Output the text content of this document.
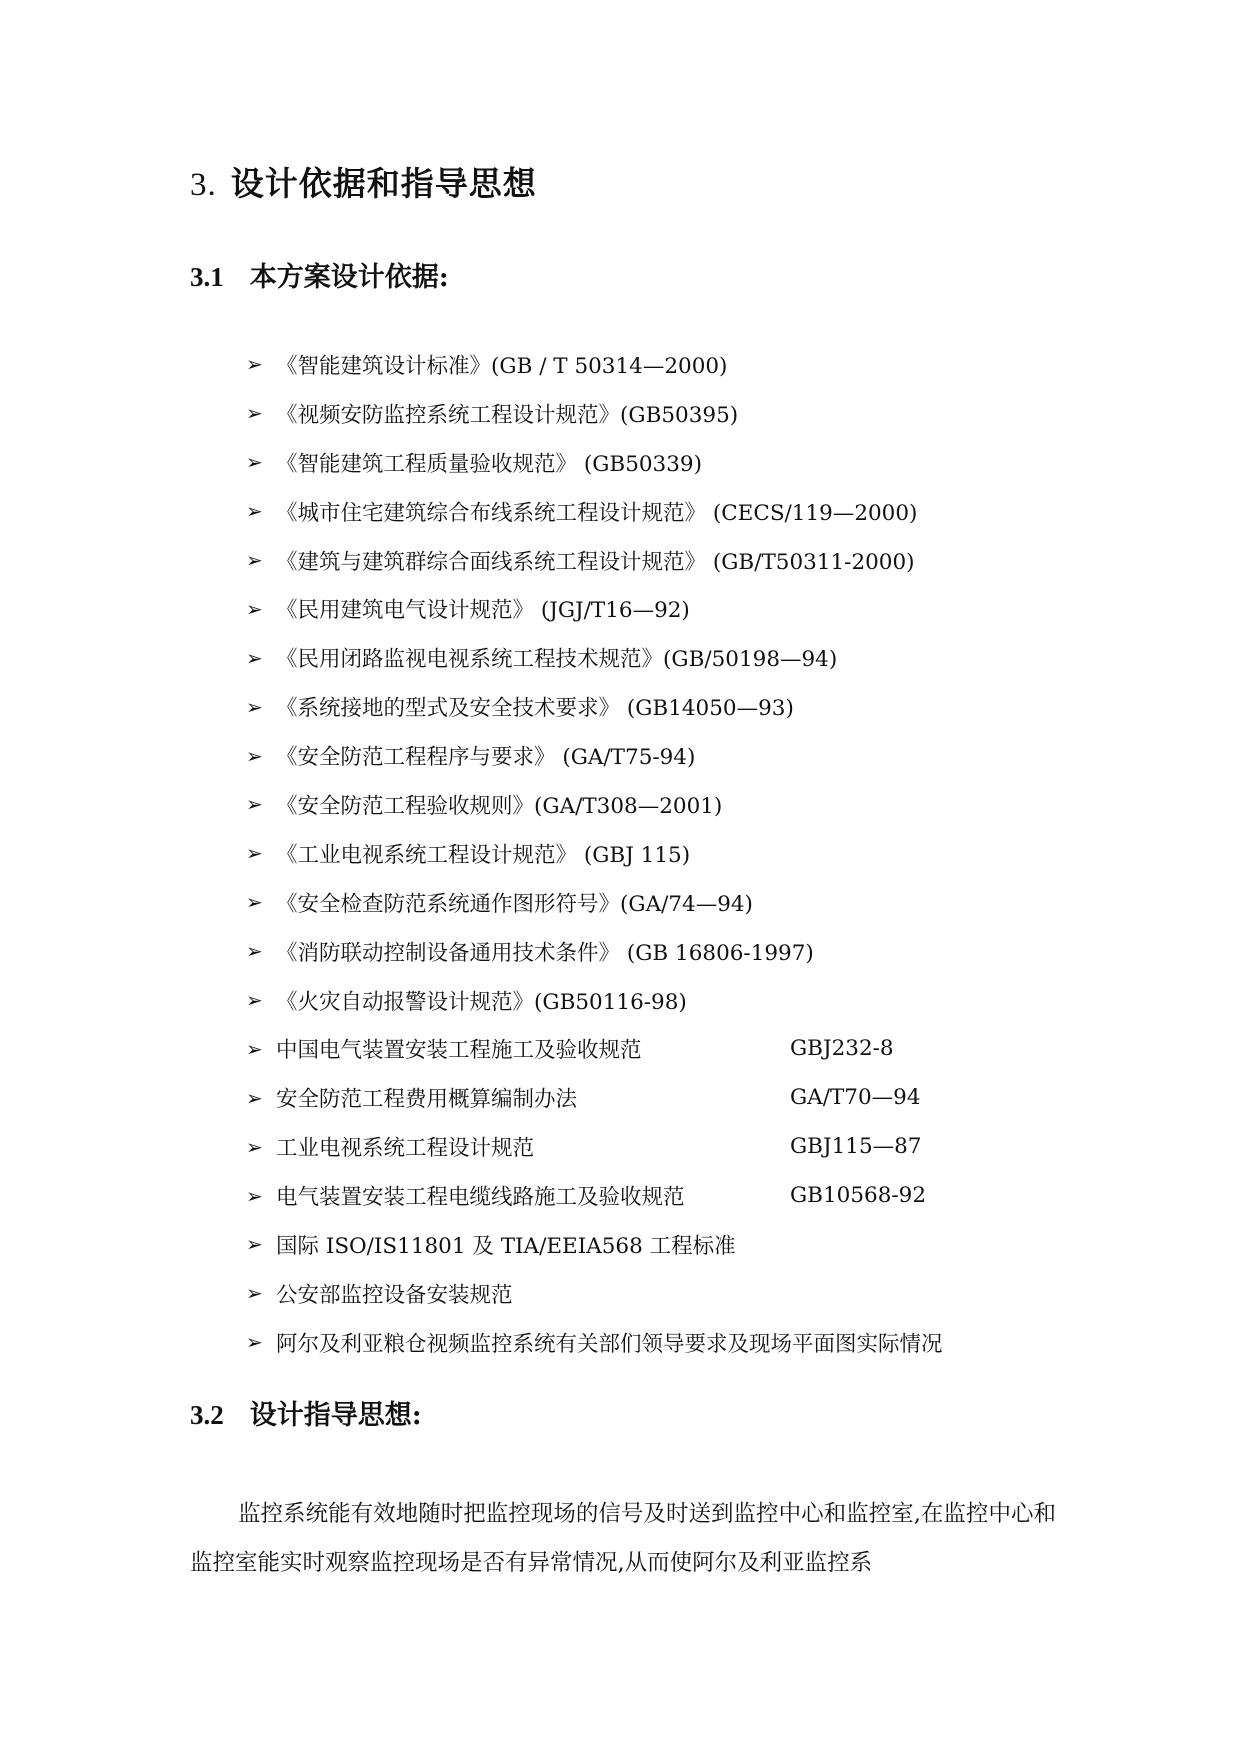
3. 设计依据和指导思想
3.1 本方案设计依据:
➢ 《智能建筑设计标准》(GB / T 50314—2000)
➢ 《视频安防监控系统工程设计规范》(GB50395)
➢ 《智能建筑工程质量验收规范》 (GB50339)
➢ 《城市住宅建筑综合布线系统工程设计规范》 (CECS/119—2000)
➢ 《建筑与建筑群综合面线系统工程设计规范》 (GB/T50311-2000)
➢ 《民用建筑电气设计规范》 (JGJ/T16—92)
➢ 《民用闭路监视电视系统工程技术规范》(GB/50198—94)
➢ 《系统接地的型式及安全技术要求》 (GB14050—93)
➢ 《安全防范工程程序与要求》 (GA/T75-94)
➢ 《安全防范工程验收规则》(GA/T308—2001)
➢ 《工业电视系统工程设计规范》 (GBJ 115)
➢ 《安全检查防范系统通作图形符号》(GA/74—94)
➢ 《消防联动控制设备通用技术条件》 (GB 16806-1997)
➢ 《火灾自动报警设计规范》(GB50116-98)
➢ 中国电气装置安装工程施工及验收规范	GBJ232-8
➢ 安全防范工程费用概算编制办法	GA/T70—94
➢ 工业电视系统工程设计规范	GBJ115—87
➢ 电气装置安装工程电缆线路施工及验收规范	GB10568-92
➢ 国际 ISO/IS11801 及 TIA/EEIA568 工程标准
➢ 公安部监控设备安装规范
➢ 阿尔及利亚粮仓视频监控系统有关部们领导要求及现场平面图实际情况
3.2 设计指导思想:

监控系统能有效地随时把监控现场的信号及时送到监控中心和监控室,在监控中心和监控室能实时观察监控现场是否有异常情况,从而使阿尔及利亚监控系
